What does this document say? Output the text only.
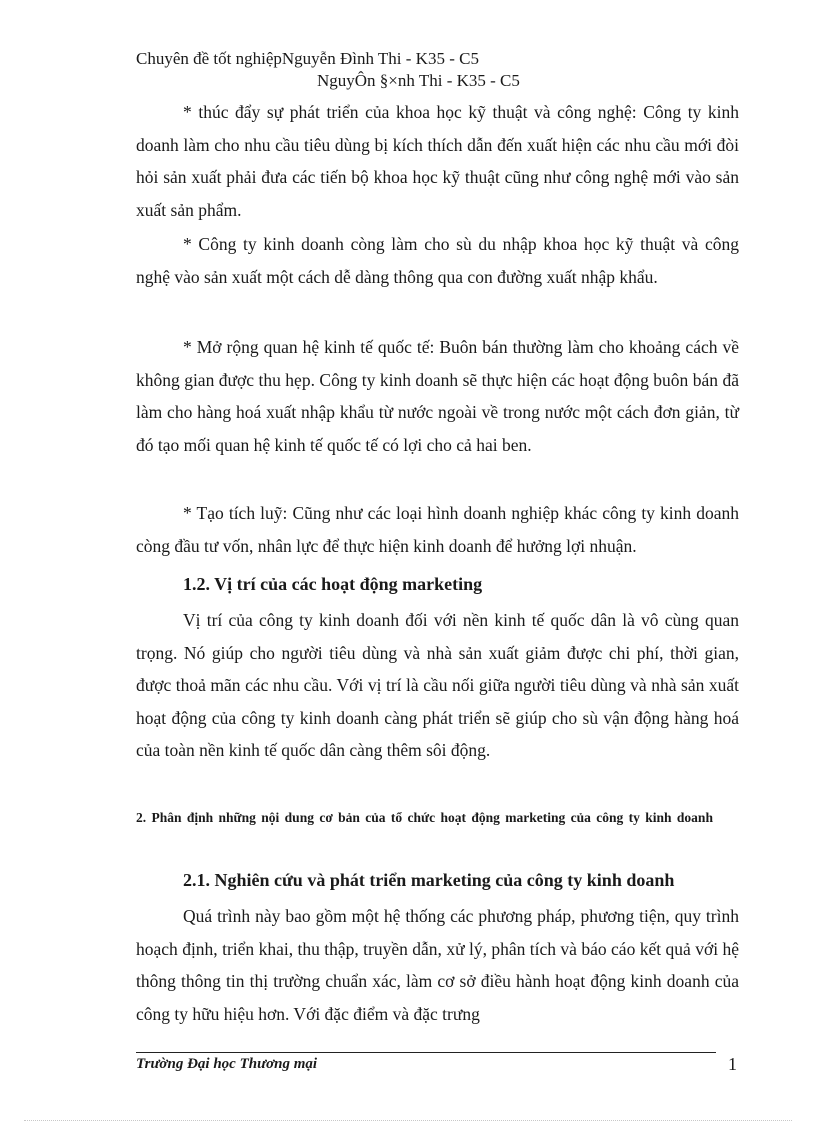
Chuyên đề tốt nghiệpNguyễn Đình Thi - K35 - C5
NguyÔn §×nh Thi - K35 - C5

* thúc đẩy sự phát triển của khoa học kỹ thuật và công nghệ: Công ty kinh doanh làm cho nhu cầu tiêu dùng bị kích thích dẫn đến xuất hiện các nhu cầu mới đòi hỏi sản xuất phải đưa các tiến bộ khoa học kỹ thuật cũng như công nghệ mới vào sản xuất sản phẩm.

* Công ty kinh doanh còng làm cho sù du nhập khoa học kỹ thuật và công nghệ vào sản xuất một cách dễ dàng thông qua con đường xuất nhập khẩu.

* Mở rộng quan hệ kinh tế quốc tế: Buôn bán thường làm cho khoảng cách về không gian được thu hẹp. Công ty kinh doanh sẽ thực hiện các hoạt động buôn bán đã làm cho hàng hoá xuất nhập khẩu từ nước ngoài về trong nước một cách đơn giản, từ đó tạo mối quan hệ kinh tế quốc tế có lợi cho cả hai ben.

* Tạo tích luỹ: Cũng như các loại hình doanh nghiệp khác công ty kinh doanh còng đầu tư vốn, nhân lực để thực hiện kinh doanh để hưởng lợi nhuận.

1.2. Vị trí của các hoạt động marketing

Vị trí của công ty kinh doanh đối với nền kinh tế quốc dân là vô cùng quan trọng. Nó giúp cho người tiêu dùng và nhà sản xuất giảm được chi phí, thời gian, được thoả mãn các nhu cầu. Với vị trí là cầu nối giữa người tiêu dùng và nhà sản xuất hoạt động của công ty kinh doanh càng phát triển sẽ giúp cho sù vận động hàng hoá của toàn nền kinh tế quốc dân càng thêm sôi động.

2. Phân định những nội dung cơ bản của tổ chức hoạt động marketing của công ty kinh doanh
2.1. Nghiên cứu và phát triển marketing của công ty kinh doanh

Quá trình này bao gồm một hệ thống các phương pháp, phương tiện, quy trình hoạch định, triển khai, thu thập, truyền dẫn, xử lý, phân tích và báo cáo kết quả với hệ thông thông tin thị trường chuẩn xác, làm cơ sở điều hành hoạt động kinh doanh của công ty hữu hiệu hơn. Với đặc điểm và đặc trưng

Trường Đại học Thương mại	1
